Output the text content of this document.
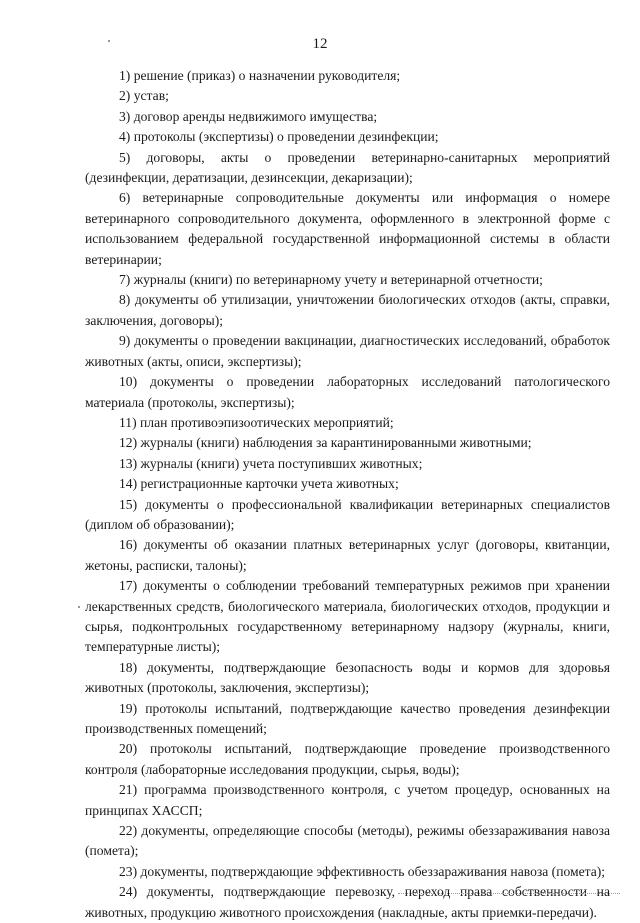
12

1) решение (приказ) о назначении руководителя;

2) устав;

3) договор аренды недвижимого имущества;

4) протоколы (экспертизы) о проведении дезинфекции;

5) договоры, акты о проведении ветеринарно-санитарных мероприятий (дезинфекции, дератизации, дезинсекции, декаризации);

6) ветеринарные сопроводительные документы или информация о номере ветеринарного сопроводительного документа, оформленного в электронной форме с использованием федеральной государственной информационной системы в области ветеринарии;

7) журналы (книги) по ветеринарному учету и ветеринарной отчетности;

8) документы об утилизации, уничтожении биологических отходов (акты, справки, заключения, договоры);

9) документы о проведении вакцинации, диагностических исследований, обработок животных (акты, описи, экспертизы);

10) документы о проведении лабораторных исследований патологического материала (протоколы, экспертизы);

11) план противоэпизоотических мероприятий;

12) журналы (книги) наблюдения за карантинированными животными;

13) журналы (книги) учета поступивших животных;

14) регистрационные карточки учета животных;

15) документы о профессиональной квалификации ветеринарных специалистов (диплом об образовании);

16) документы об оказании платных ветеринарных услуг (договоры, квитанции, жетоны, расписки, талоны);

17) документы о соблюдении требований температурных режимов при хранении лекарственных средств, биологического материала, биологических отходов, продукции и сырья, подконтрольных государственному ветеринарному надзору (журналы, книги, температурные листы);

18) документы, подтверждающие безопасность воды и кормов для здоровья животных (протоколы, заключения, экспертизы);

19) протоколы испытаний, подтверждающие качество проведения дезинфекции производственных помещений;

20) протоколы испытаний, подтверждающие проведение производственного контроля (лабораторные исследования продукции, сырья, воды);

21) программа производственного контроля, с учетом процедур, основанных на принципах ХАССП;

22) документы, определяющие способы (методы), режимы обеззараживания навоза (помета);

23) документы, подтверждающие эффективность обеззараживания навоза (помета);

24) документы, подтверждающие перевозку, переход права собственности на животных, продукцию животного происхождения (накладные, акты приемки-передачи).
